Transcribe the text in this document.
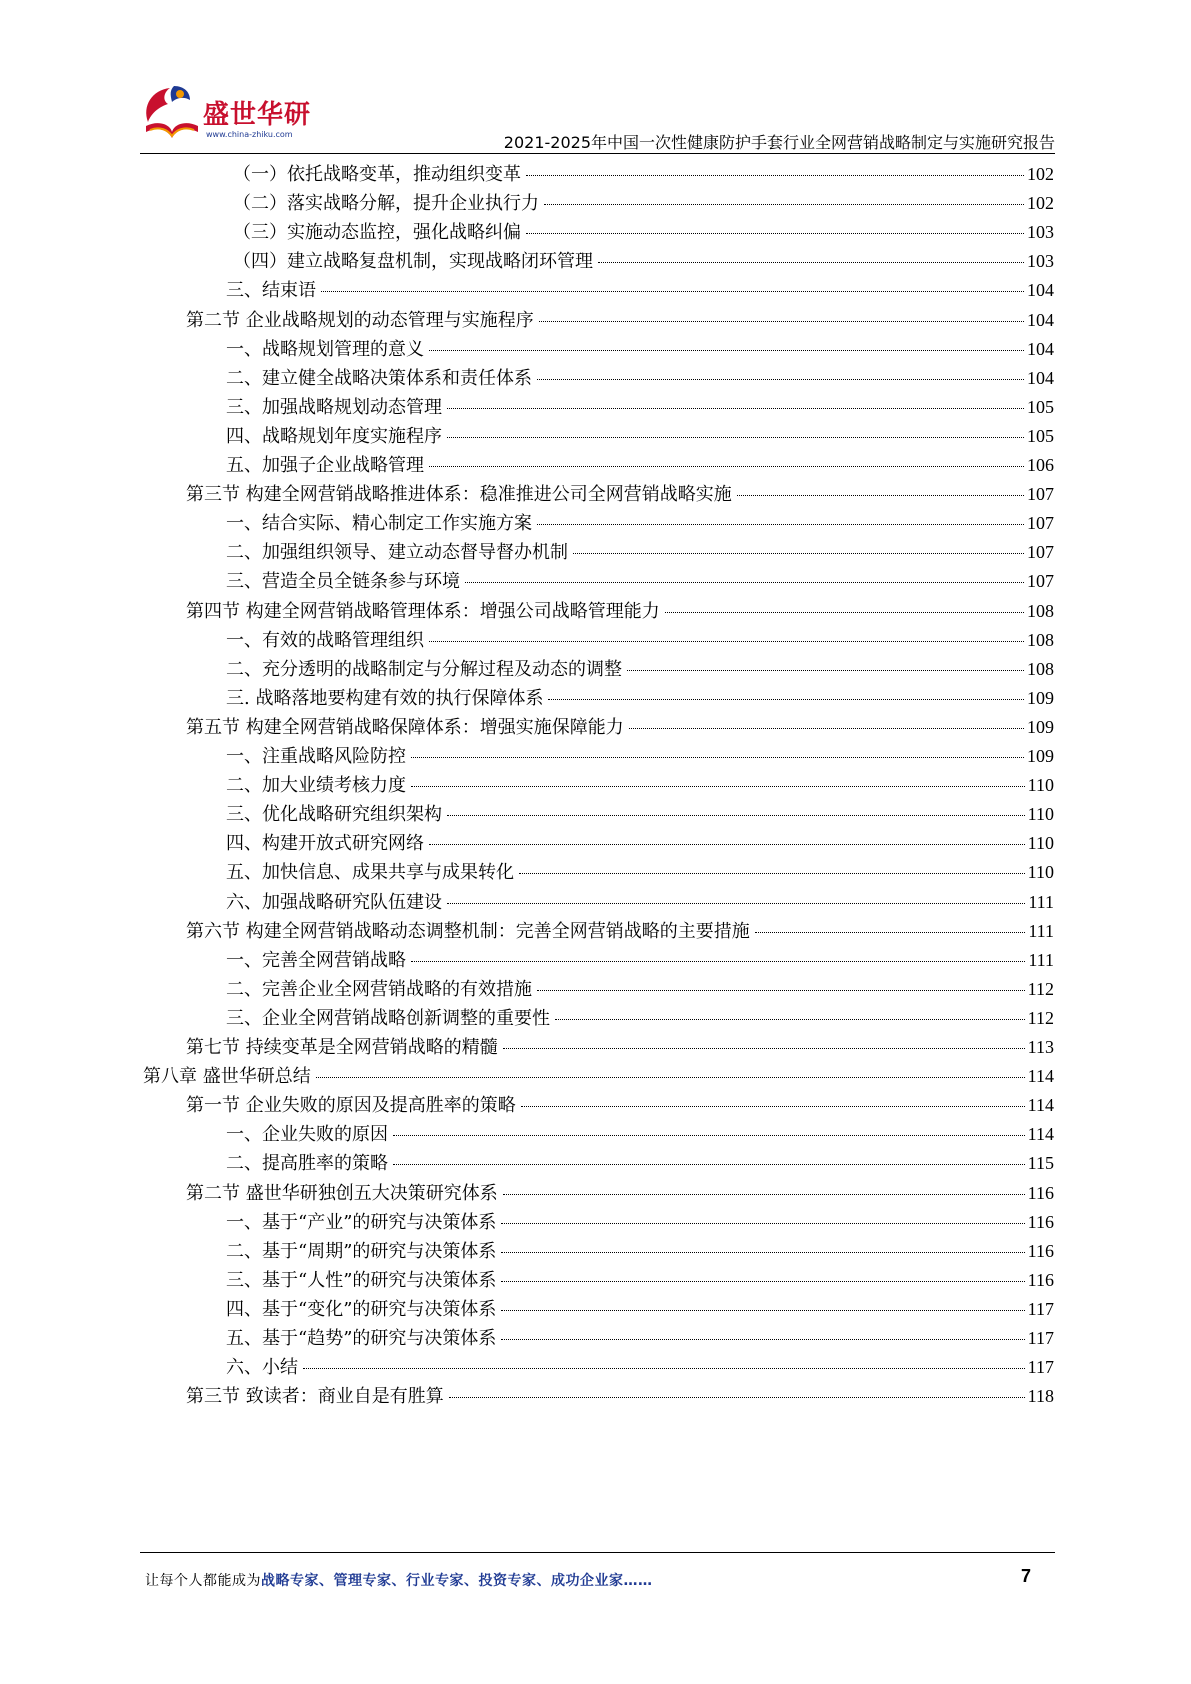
盛世华研
www.china-zhiku.com	2021-2025年中国一次性健康防护手套行业全网营销战略制定与实施研究报告
（一）依托战略变革，推动组织变革	102
（二）落实战略分解，提升企业执行力	102
（三）实施动态监控，强化战略纠偏	103
（四）建立战略复盘机制，实现战略闭环管理	103
三、结束语	104
第二节 企业战略规划的动态管理与实施程序	104
一、战略规划管理的意义	104
二、建立健全战略决策体系和责任体系	104
三、加强战略规划动态管理	105
四、战略规划年度实施程序	105
五、加强子企业战略管理	106
第三节 构建全网营销战略推进体系：稳准推进公司全网营销战略实施	107
一、结合实际、精心制定工作实施方案	107
二、加强组织领导、建立动态督导督办机制	107
三、营造全员全链条参与环境	107
第四节 构建全网营销战略管理体系：增强公司战略管理能力	108
一、有效的战略管理组织	108
二、充分透明的战略制定与分解过程及动态的调整	108
三. 战略落地要构建有效的执行保障体系	109
第五节 构建全网营销战略保障体系：增强实施保障能力	109
一、注重战略风险防控	109
二、加大业绩考核力度	110
三、优化战略研究组织架构	110
四、构建开放式研究网络	110
五、加快信息、成果共享与成果转化	110
六、加强战略研究队伍建设	111
第六节 构建全网营销战略动态调整机制：完善全网营销战略的主要措施	111
一、完善全网营销战略	111
二、完善企业全网营销战略的有效措施	112
三、企业全网营销战略创新调整的重要性	112
第七节 持续变革是全网营销战略的精髓	113
第八章 盛世华研总结	114
第一节 企业失败的原因及提高胜率的策略	114
一、企业失败的原因	114
二、提高胜率的策略	115
第二节 盛世华研独创五大决策研究体系	116
一、基于“产业”的研究与决策体系	116
二、基于“周期”的研究与决策体系	116
三、基于“人性”的研究与决策体系	116
四、基于“变化”的研究与决策体系	117
五、基于“趋势”的研究与决策体系	117
六、小结	117
第三节 致读者：商业自是有胜算	118
让每个人都能成为战略专家、管理专家、行业专家、投资专家、成功企业家……	7
